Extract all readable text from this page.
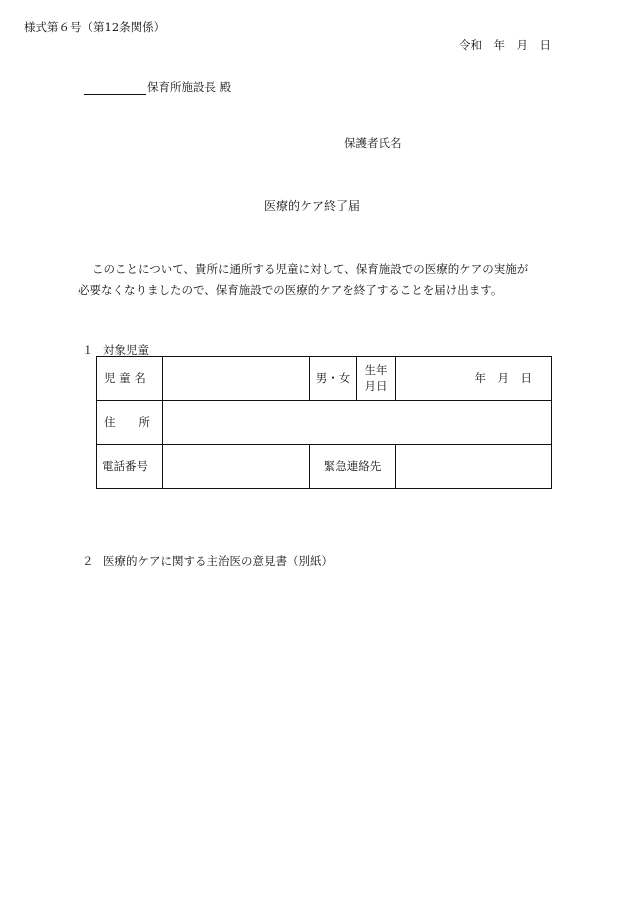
様式第６号（第12条関係）
令和　年　月　日
保育所施設長 殿
保護者氏名
医療的ケア終了届

このことについて、貴所に通所する児童に対して、保育施設での医療的ケアの実施が

必要なくなりましたので、保育施設での医療的ケアを終了することを届け出ます。

１ 対象児童
児 童 名	男・女
生年
月日
年　月　日
住　　所
電話番号	緊急連絡先
２ 医療的ケアに関する主治医の意見書（別紙）
